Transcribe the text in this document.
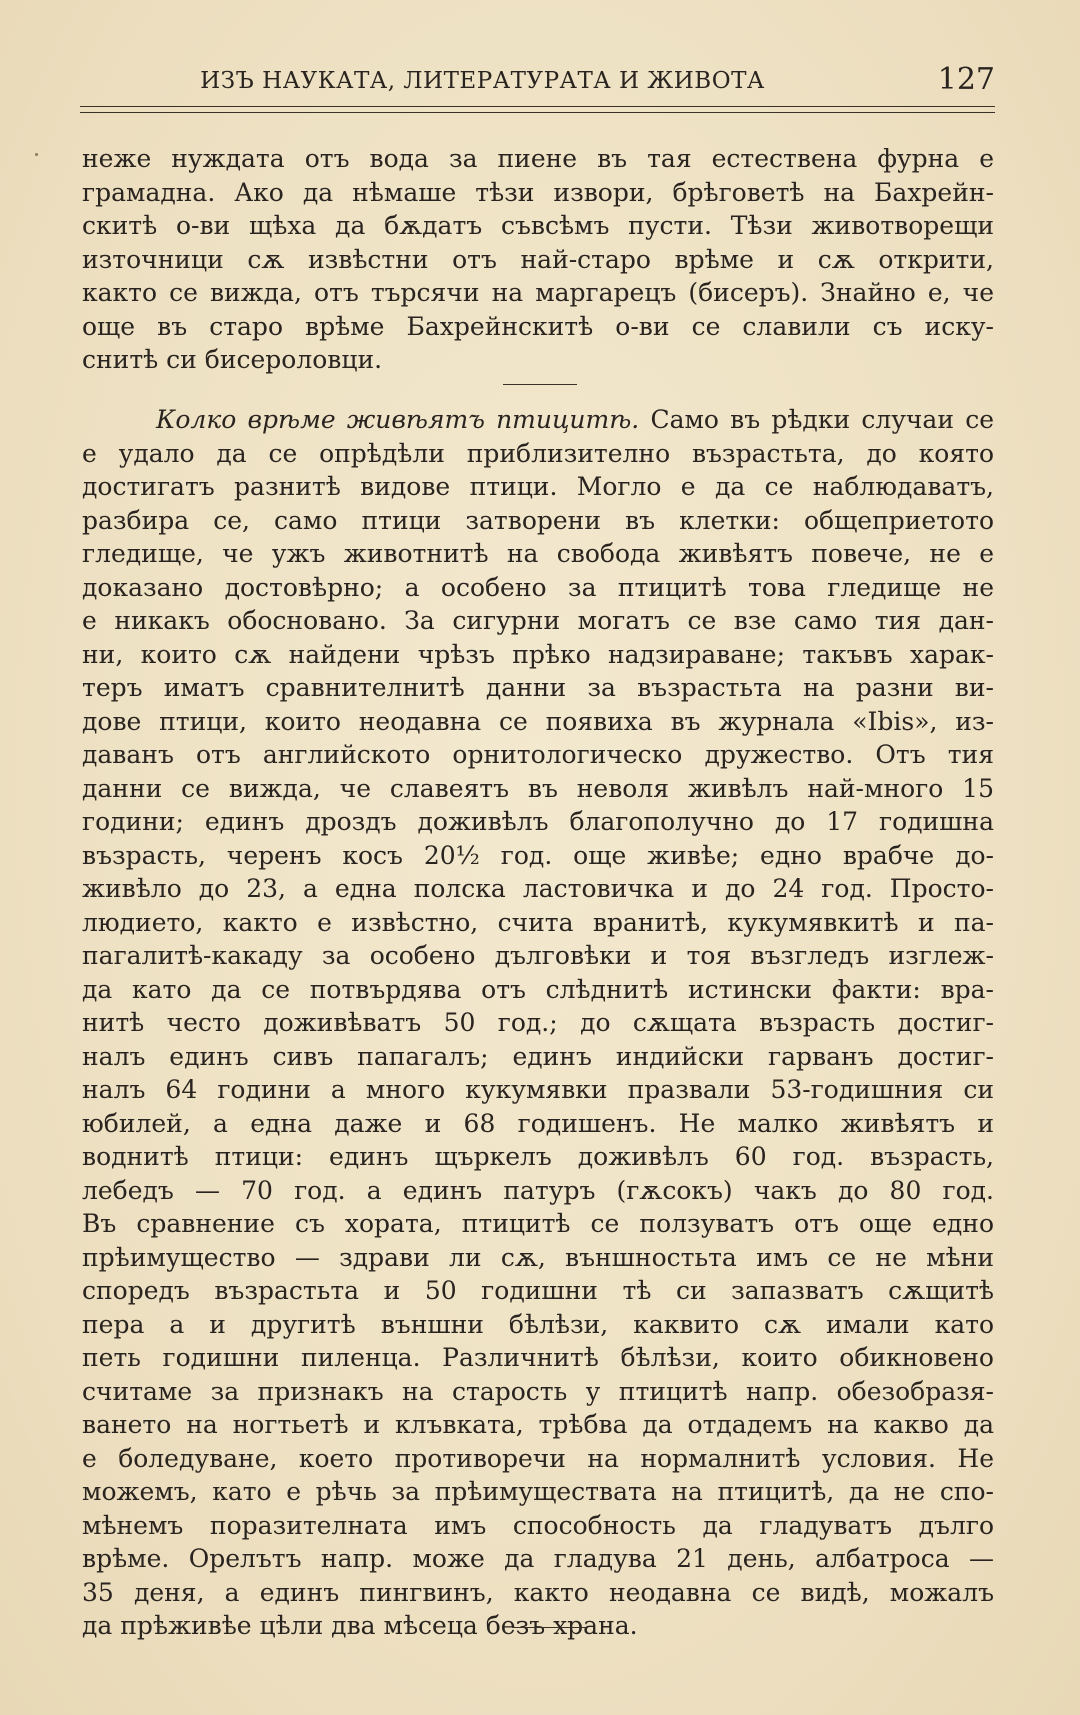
ИЗЪ НАУКАТА, ЛИТЕРАТУРАТА И ЖИВОТА	127
неже нуждата отъ вода за пиене въ тая естествена фурна е
грамадна. Ако да нѣмаше тѣзи извори, брѣговетѣ на Бахрейн-
скитѣ о-ви щѣха да бѫдатъ съвсѣмъ пусти. Тѣзи животворещи
източници сѫ извѣстни отъ най-старо врѣме и сѫ открити,
както се вижда, отъ търсячи на маргарецъ (бисеръ). Знайно е, че
още въ старо врѣме Бахрейнскитѣ о-ви се славили съ иску-
снитѣ си бисероловци.
Колко врѣме живѣятъ птицитѣ. Само въ рѣдки случаи се
е удало да се опрѣдѣли приблизително възрастьта, до която
достигатъ разнитѣ видове птици. Могло е да се наблюдаватъ,
разбира се, само птици затворени въ клетки: общеприетото
гледище, че ужъ животнитѣ на свобода живѣятъ повече, не е
доказано достовѣрно; а особено за птицитѣ това гледище не
е никакъ обосновано. За сигурни могатъ се взе само тия дан-
ни, които сѫ найдени чрѣзъ прѣко надзираване; такъвъ харак-
теръ иматъ сравнителнитѣ данни за възрастьта на разни ви-
дове птици, които неодавна се появиха въ журнала «Ibis», из-
даванъ отъ английското орнитологическо дружество. Отъ тия
данни се вижда, че славеятъ въ неволя живѣлъ най-много 15
години; единъ дроздъ доживѣлъ благополучно до 17 годишна
възрасть, черенъ косъ 20½ год. още живѣе; едно врабче до-
живѣло до 23, а една полска ластовичка и до 24 год. Просто-
людието, както е извѣстно, счита вранитѣ, кукумявкитѣ и па-
пагалитѣ-какаду за особено дълговѣки и тоя възгледъ изглеж-
да като да се потвърдява отъ слѣднитѣ истински факти: вра-
нитѣ често доживѣватъ 50 год.; до сѫщата възрасть достиг-
налъ единъ сивъ папагалъ; единъ индийски гарванъ достиг-
налъ 64 години а много кукумявки празвали 53-годишния си
юбилей, а една даже и 68 годишенъ. Не малко живѣятъ и
воднитѣ птици: единъ щъркелъ доживѣлъ 60 год. възрасть,
лебедъ — 70 год. а единъ патуръ (гѫсокъ) чакъ до 80 год.
Въ сравнение съ хората, птицитѣ се ползуватъ отъ още едно
прѣимущество — здрави ли сѫ, външностьта имъ се не мѣни
споредъ възрастьта и 50 годишни тѣ си запазватъ сѫщитѣ
пера а и другитѣ външни бѣлѣзи, каквито сѫ имали като
петь годишни пиленца. Различнитѣ бѣлѣзи, които обикновено
считаме за признакъ на старость у птицитѣ напр. обезобразя-
ването на ногтьетѣ и клъвката, трѣбва да отдадемъ на какво да
е боледуване, което противоречи на нормалнитѣ условия. Не
можемъ, като е рѣчь за прѣимуществата на птицитѣ, да не спо-
мѣнемъ поразителната имъ способность да гладуватъ дълго
врѣме. Орелътъ напр. може да гладува 21 день, албатроса —
35 деня, а единъ пингвинъ, както неодавна се видѣ, можалъ
да прѣживѣе цѣли два мѣсеца безъ храна.
